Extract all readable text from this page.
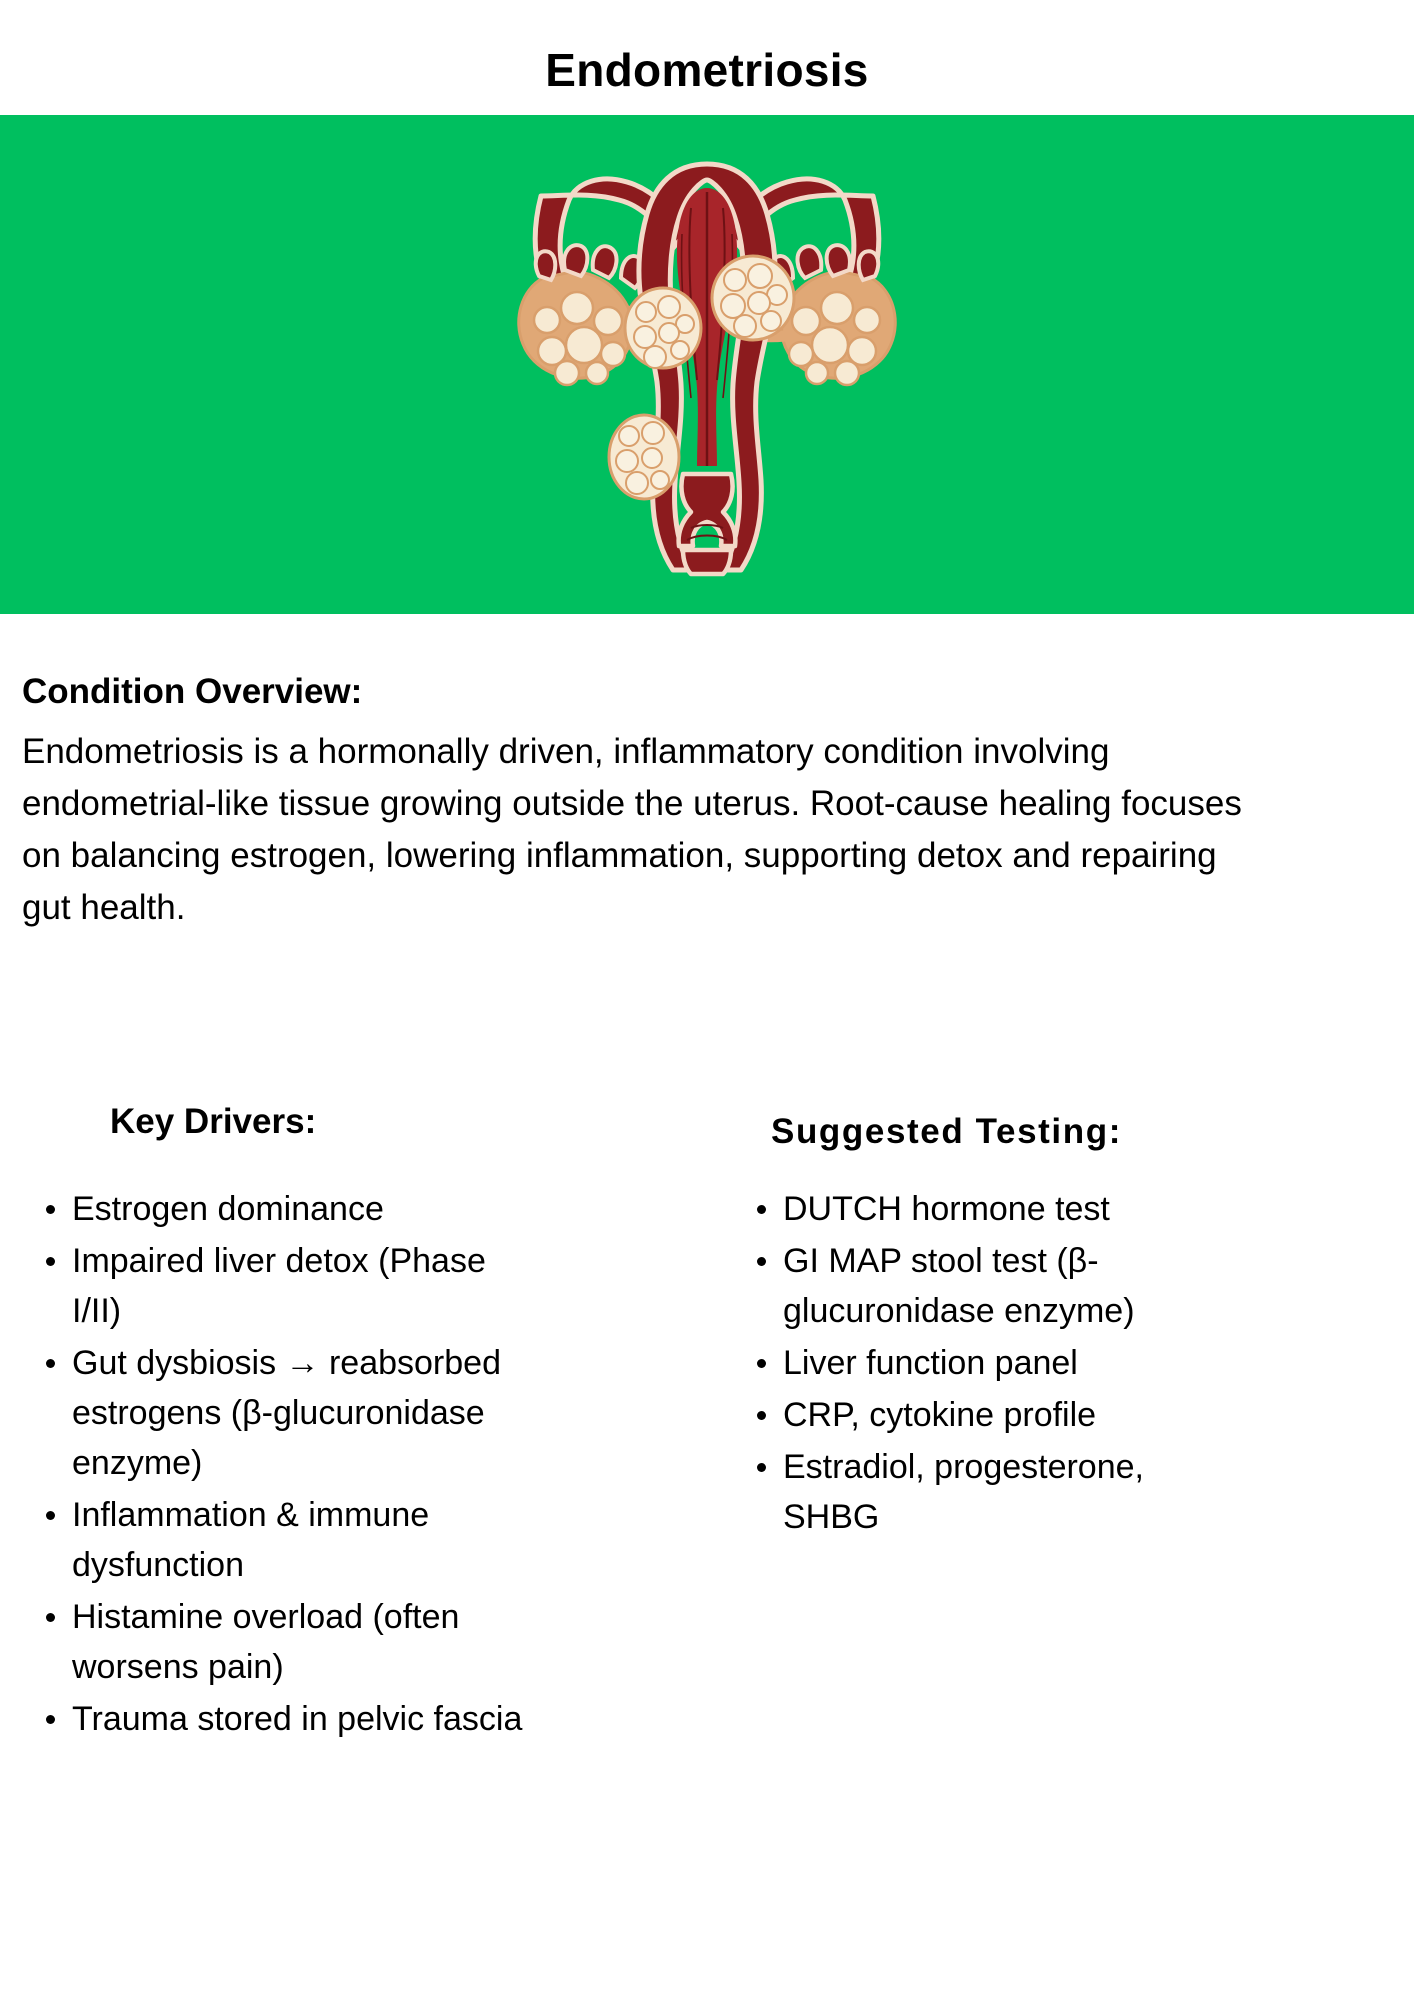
Endometriosis
Condition Overview:

Endometriosis is a hormonally driven, inflammatory condition involving endometrial-like tissue growing outside the uterus. Root-cause healing focuses on balancing estrogen, lowering inflammation, supporting detox and repairing gut health.

Key Drivers:
Estrogen dominance
Impaired liver detox (Phase I/II)
Gut dysbiosis → reabsorbed estrogens (β-glucuronidase enzyme)
Inflammation & immune dysfunction
Histamine overload (often worsens pain)
Trauma stored in pelvic fascia
Suggested Testing:
DUTCH hormone test
GI MAP stool test (β-glucuronidase enzyme)
Liver function panel
CRP, cytokine profile
Estradiol, progesterone, SHBG
